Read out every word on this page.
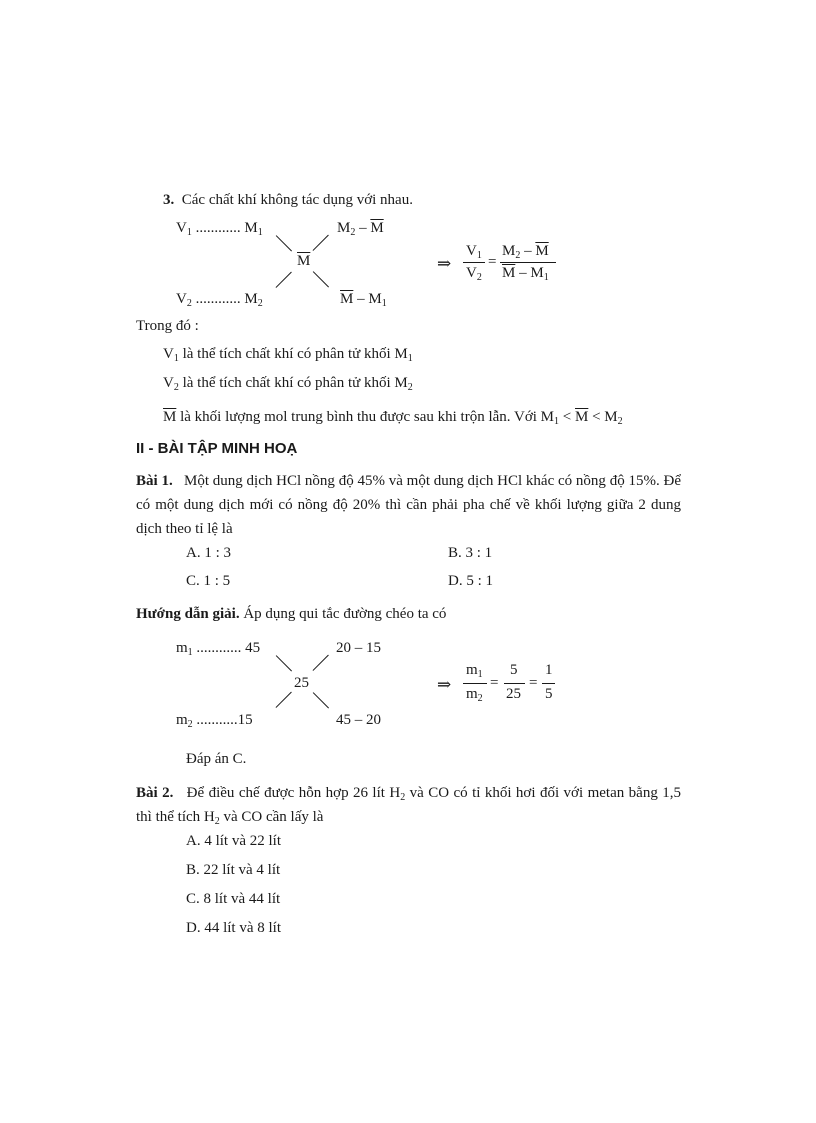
3. Các chất khí không tác dụng với nhau.
$V_1$ ............ $M_1$	$M_2 - \overline{M}$
$\overline{M}$
$V_2$ ............ $M_2$	$\overline{M} - M_1$
⇒
$V_1$
$V_2$
=
$M_2 - \overline{M}$
$\overline{M} - M_1$
Trong đó :
$V_1$ là thể tích chất khí có phân tử khối $M_1$
$V_2$ là thể tích chất khí có phân tử khối $M_2$
$\overline{M}$ là khối lượng mol trung bình thu được sau khi trộn lẫn. Với $M_1 < \overline{M} < M_2$
II - BÀI TẬP MINH HOẠ
Bài 1. Một dung dịch HCl nồng độ 45% và một dung dịch HCl khác có nồng độ 15%. Để có một dung dịch mới có nồng độ 20% thì cần phải pha chế về khối lượng giữa 2 dung dịch theo tỉ lệ là
A. 1 : 3	B. 3 : 1
C. 1 : 5	D. 5 : 1
Hướng dẫn giải. Áp dụng qui tắc đường chéo ta có
$m_1$ ............ 45	20 – 15
25
$m_2$ ...........15	45 – 20
⇒
$m_1$
$m_2$
=
5
25
=
1
5
Đáp án C.
Bài 2. Để điều chế được hỗn hợp 26 lít $H_2$ và CO có tỉ khối hơi đối với metan bằng 1,5 thì thể tích $H_2$ và CO cần lấy là
A. 4 lít và 22 lít
B. 22 lít và 4 lít
C. 8 lít và 44 lít
D. 44 lít và 8 lít
